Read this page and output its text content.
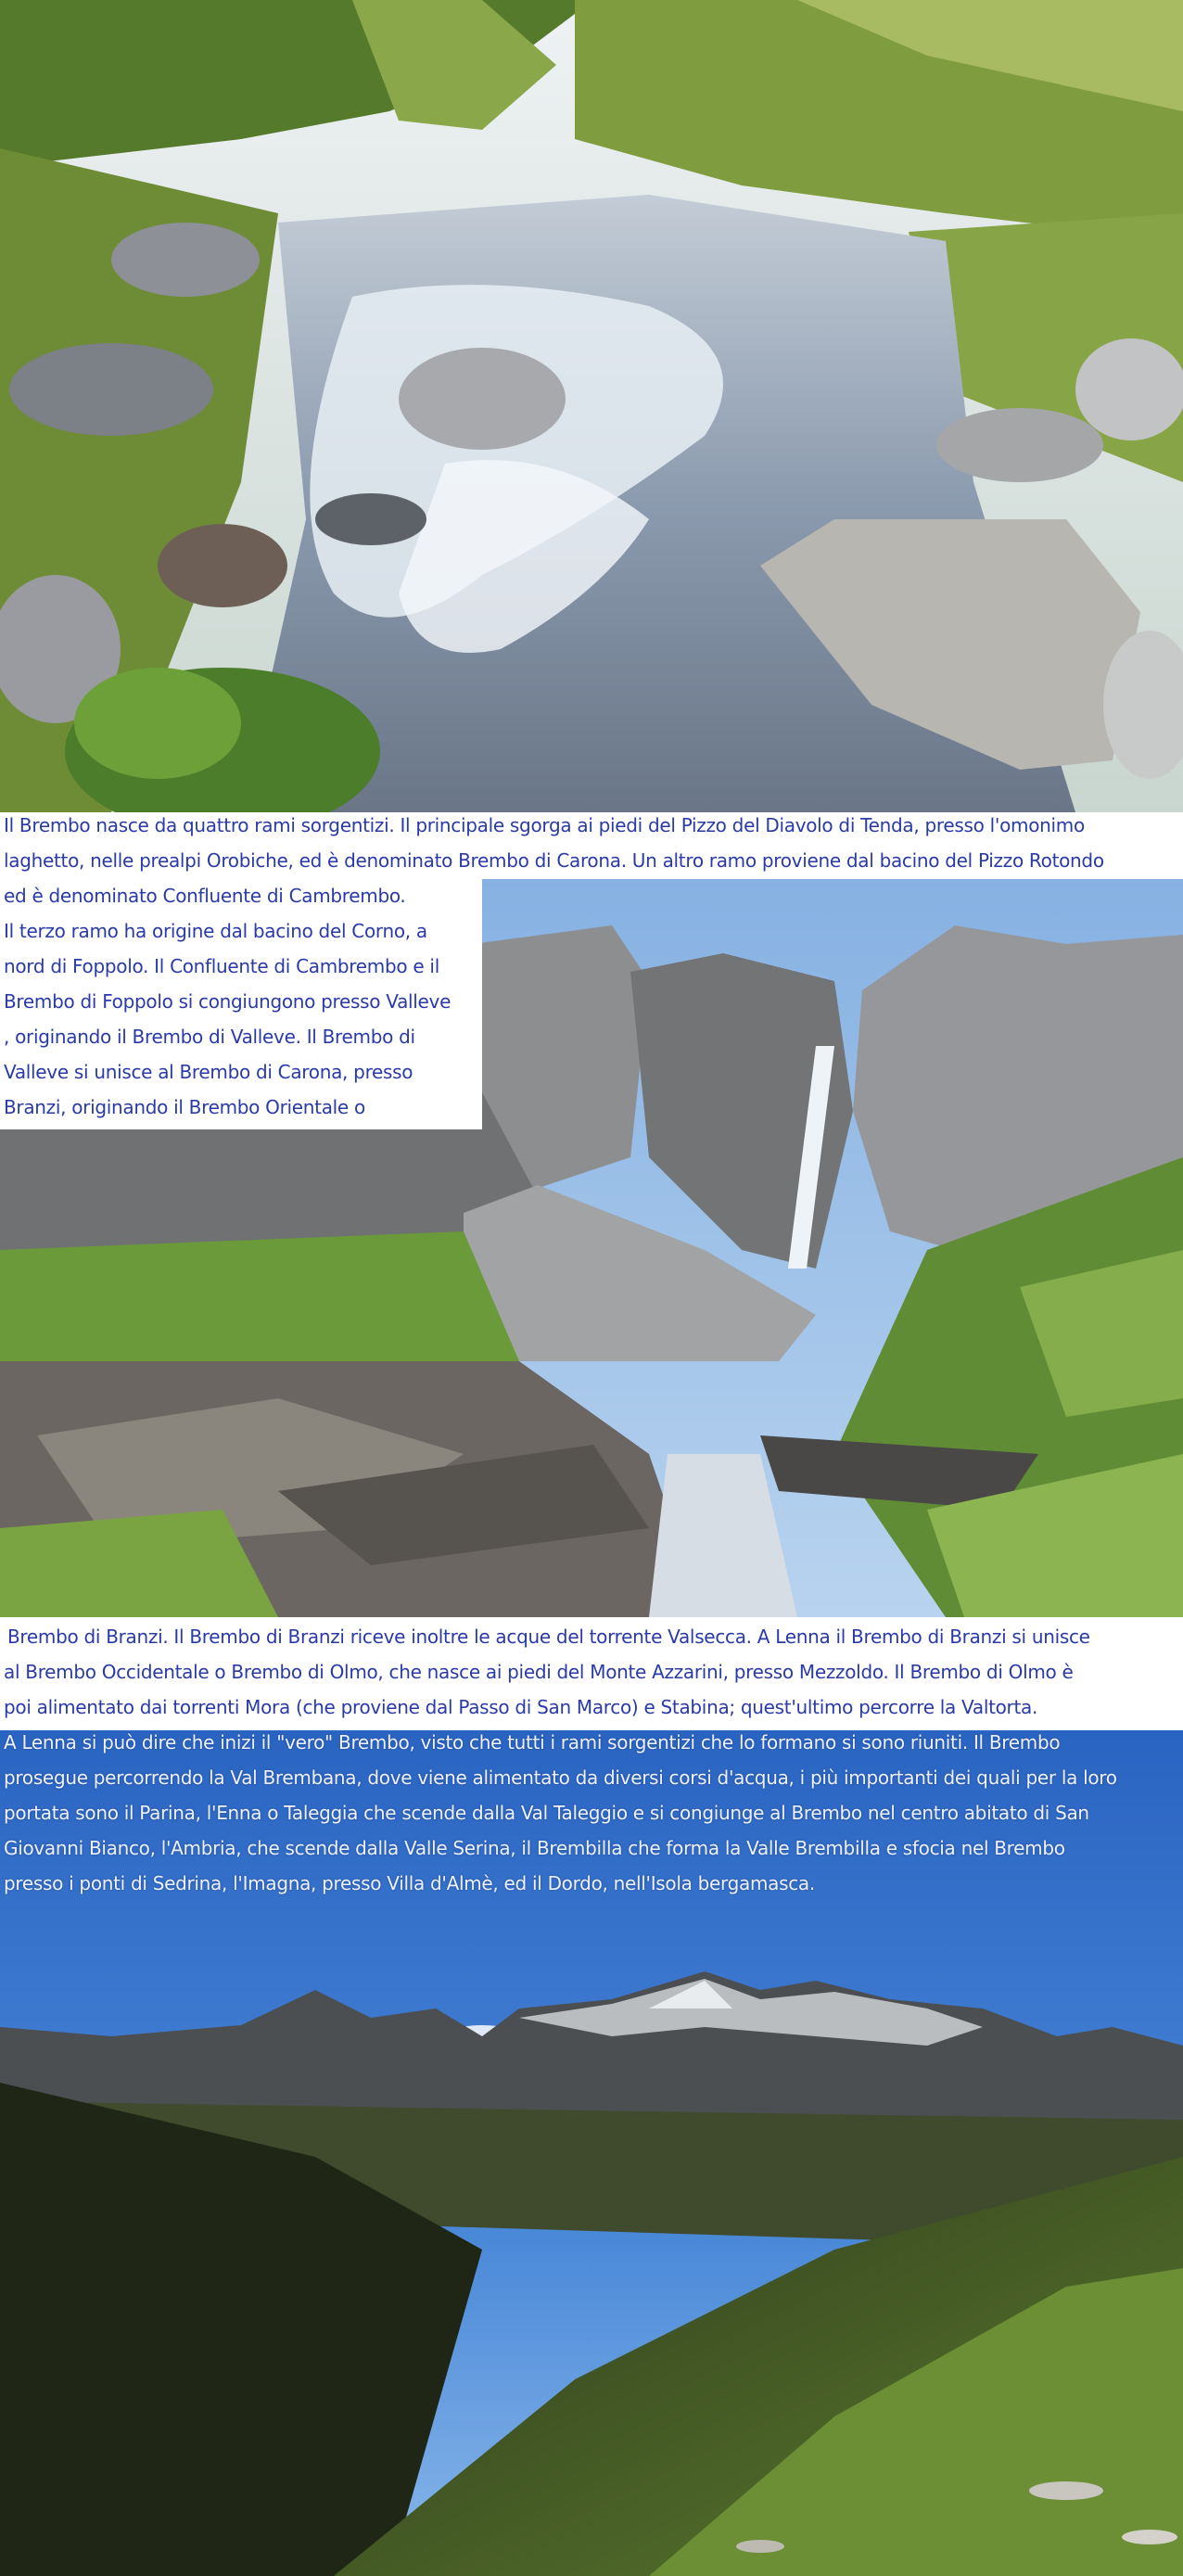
Il Brembo nasce da quattro rami sorgentizi. Il principale sgorga ai piedi del Pizzo del Diavolo di Tenda, presso l'omonimo
laghetto, nelle prealpi Orobiche, ed è denominato Brembo di Carona. Un altro ramo proviene dal bacino del Pizzo Rotondo
ed è denominato Confluente di Cambrembo.
Il terzo ramo ha origine dal bacino del Corno, a
nord di Foppolo. Il Confluente di Cambrembo e il
Brembo di Foppolo si congiungono presso Valleve
, originando il Brembo di Valleve. Il Brembo di
Valleve si unisce al Brembo di Carona, presso
Branzi, originando il Brembo Orientale o
Brembo di Branzi. Il Brembo di Branzi riceve inoltre le acque del torrente Valsecca. A Lenna il Brembo di Branzi si unisce
al Brembo Occidentale o Brembo di Olmo, che nasce ai piedi del Monte Azzarini, presso Mezzoldo. Il Brembo di Olmo è
poi alimentato dai torrenti Mora (che proviene dal Passo di San Marco) e Stabina; quest'ultimo percorre la Valtorta.
A Lenna si può dire che inizi il "vero" Brembo, visto che tutti i rami sorgentizi che lo formano si sono riuniti. Il Brembo
prosegue percorrendo la Val Brembana, dove viene alimentato da diversi corsi d'acqua, i più importanti dei quali per la loro
portata sono il Parina, l'Enna o Taleggia che scende dalla Val Taleggio e si congiunge al Brembo nel centro abitato di San
Giovanni Bianco, l'Ambria, che scende dalla Valle Serina, il Brembilla che forma la Valle Brembilla e sfocia nel Brembo
presso i ponti di Sedrina, l'Imagna, presso Villa d'Almè, ed il Dordo, nell'Isola bergamasca.
